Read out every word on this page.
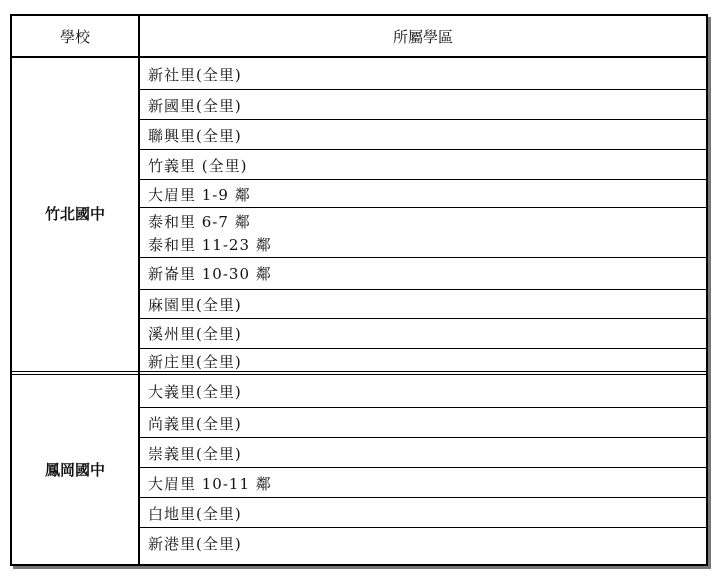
學校	所屬學區
竹北國中
新社里(全里)
新國里(全里)
聯興里(全里)
竹義里 (全里)
大眉里 1-9 鄰
泰和里 6-7 鄰
泰和里 11-23 鄰
新崙里 10-30 鄰
麻園里(全里)
溪州里(全里)
新庄里(全里)
鳳岡國中
大義里(全里)
尚義里(全里)
崇義里(全里)
大眉里 10-11 鄰
白地里(全里)
新港里(全里)
